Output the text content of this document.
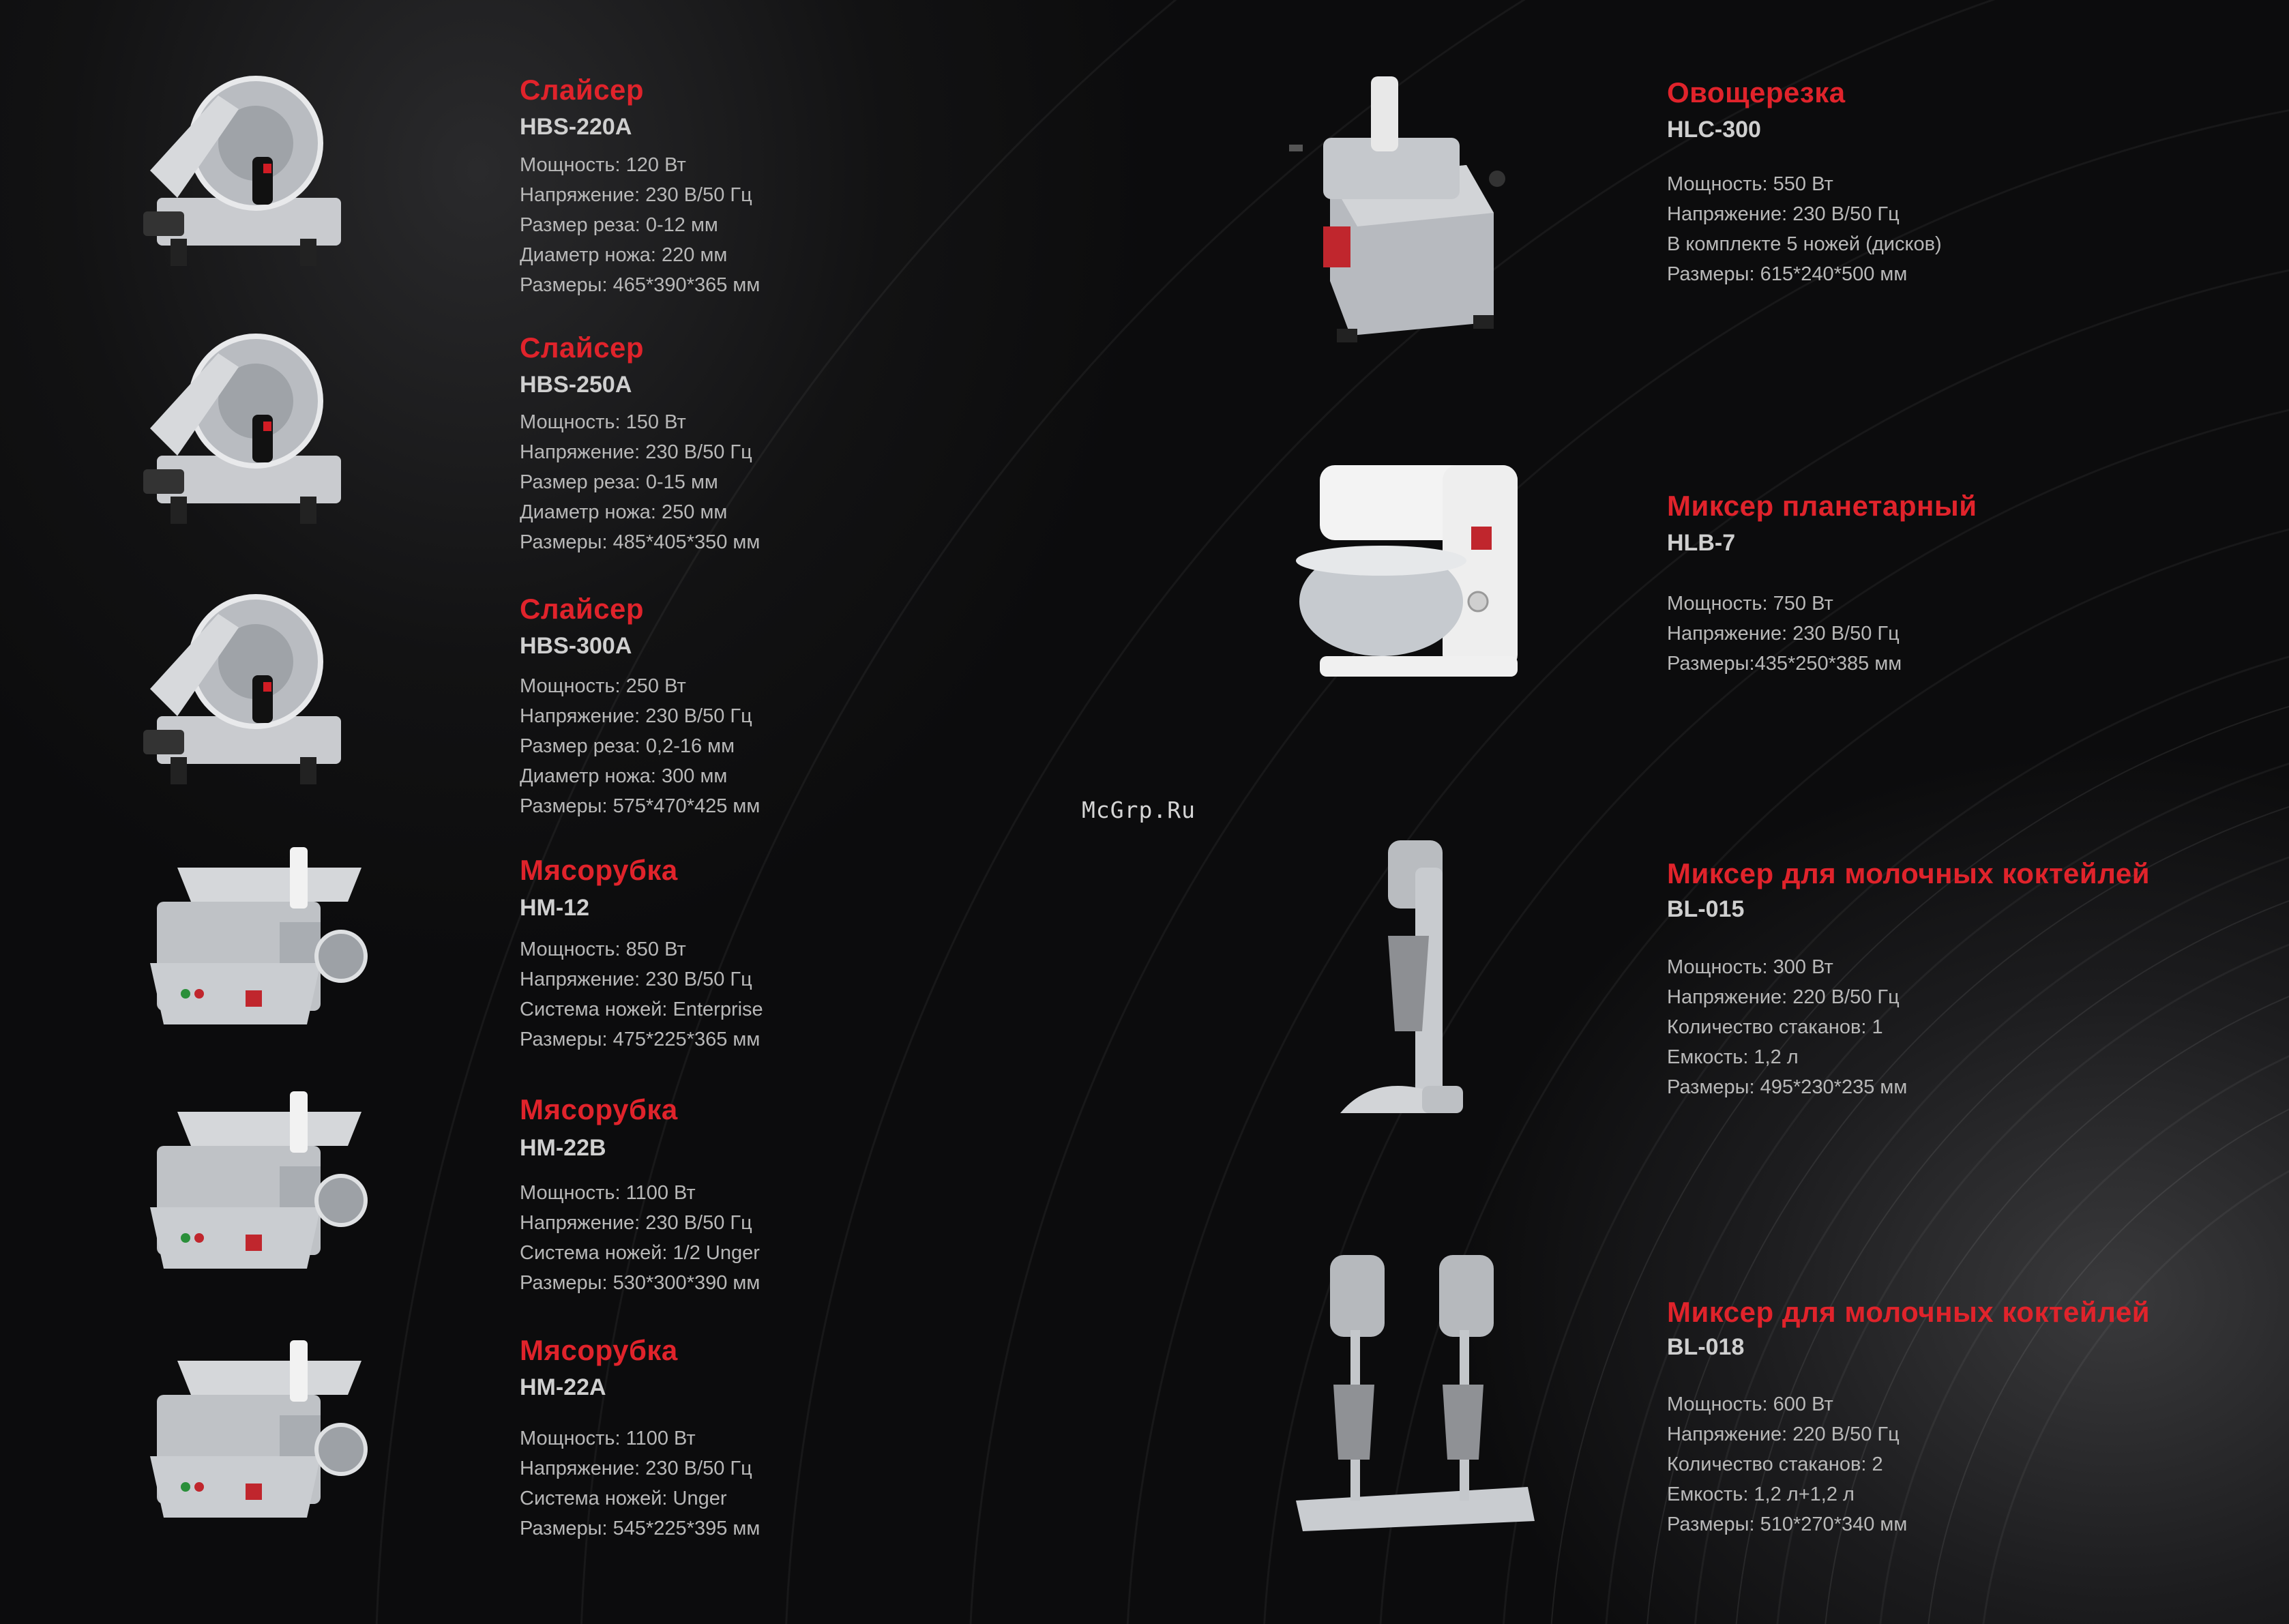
Слайсер
HBS-220A
Мощность: 120 Вт
Напряжение: 230 В/50 Гц
Размер реза: 0-12 мм
Диаметр ножа: 220 мм
Размеры: 465*390*365 мм
Слайсер
HBS-250A
Мощность: 150 Вт
Напряжение: 230 В/50 Гц
Размер реза: 0-15 мм
Диаметр ножа: 250 мм
Размеры: 485*405*350 мм
Слайсер
HBS-300A
Мощность: 250 Вт
Напряжение: 230 В/50 Гц
Размер реза: 0,2-16 мм
Диаметр ножа: 300 мм
Размеры: 575*470*425 мм
Мясорубка
HM-12
Мощность: 850 Вт
Напряжение: 230 В/50 Гц
Система ножей: Enterprise
Размеры: 475*225*365 мм
Мясорубка
HM-22B
Мощность: 1100 Вт
Напряжение: 230 В/50 Гц
Система ножей: 1/2 Unger
Размеры: 530*300*390 мм
Мясорубка
HM-22A
Мощность: 1100 Вт
Напряжение: 230 В/50 Гц
Система ножей: Unger
Размеры: 545*225*395 мм
Овощерезка
HLC-300
Мощность: 550 Вт
Напряжение: 230 В/50 Гц
В комплекте 5 ножей (дисков)
Размеры: 615*240*500 мм
Миксер планетарный
HLB-7
Мощность: 750 Вт
Напряжение: 230 В/50 Гц
Размеры:435*250*385 мм
McGrp.Ru
Миксер для молочных коктейлей
BL-015
Мощность: 300 Вт
Напряжение: 220 В/50 Гц
Количество стаканов: 1
Емкость: 1,2 л
Размеры: 495*230*235 мм
Миксер для молочных коктейлей
BL-018
Мощность: 600 Вт
Напряжение: 220 В/50 Гц
Количество стаканов: 2
Емкость: 1,2 л+1,2 л
Размеры: 510*270*340 мм
